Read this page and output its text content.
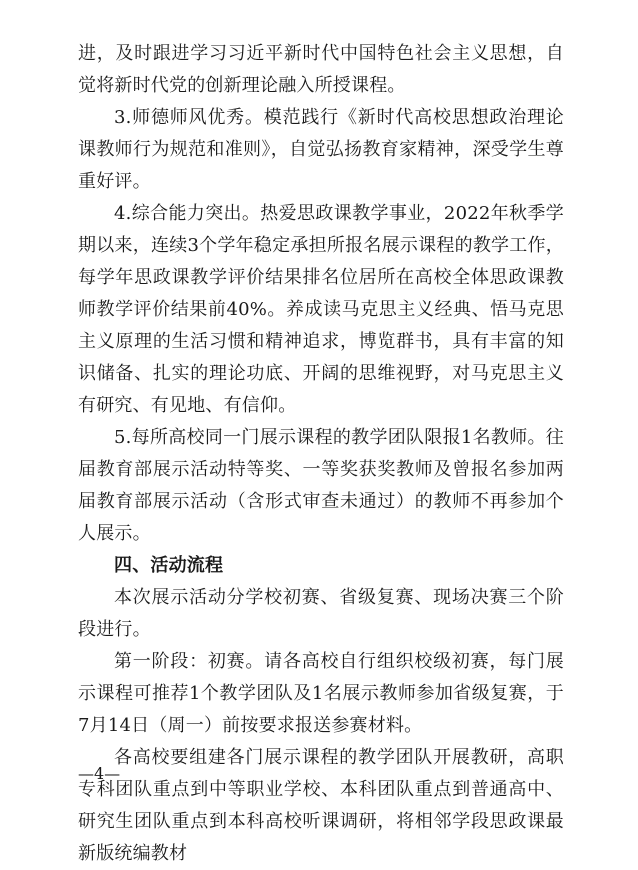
进，及时跟进学习习近平新时代中国特色社会主义思想，自觉将新时代党的创新理论融入所授课程。

3.师德师风优秀。模范践行《新时代高校思想政治理论课教师行为规范和准则》，自觉弘扬教育家精神，深受学生尊重好评。

4.综合能力突出。热爱思政课教学事业，2022年秋季学期以来，连续3个学年稳定承担所报名展示课程的教学工作，每学年思政课教学评价结果排名位居所在高校全体思政课教师教学评价结果前40%。养成读马克思主义经典、悟马克思主义原理的生活习惯和精神追求，博览群书，具有丰富的知识储备、扎实的理论功底、开阔的思维视野，对马克思主义有研究、有见地、有信仰。

5.每所高校同一门展示课程的教学团队限报1名教师。往届教育部展示活动特等奖、一等奖获奖教师及曾报名参加两届教育部展示活动（含形式审查未通过）的教师不再参加个人展示。

四、活动流程

本次展示活动分学校初赛、省级复赛、现场决赛三个阶段进行。

第一阶段：初赛。请各高校自行组织校级初赛，每门展示课程可推荐1个教学团队及1名展示教师参加省级复赛，于7月14日（周一）前按要求报送参赛材料。

各高校要组建各门展示课程的教学团队开展教研，高职专科团队重点到中等职业学校、本科团队重点到普通高中、研究生团队重点到本科高校听课调研，将相邻学段思政课最新版统编教材

—4—
